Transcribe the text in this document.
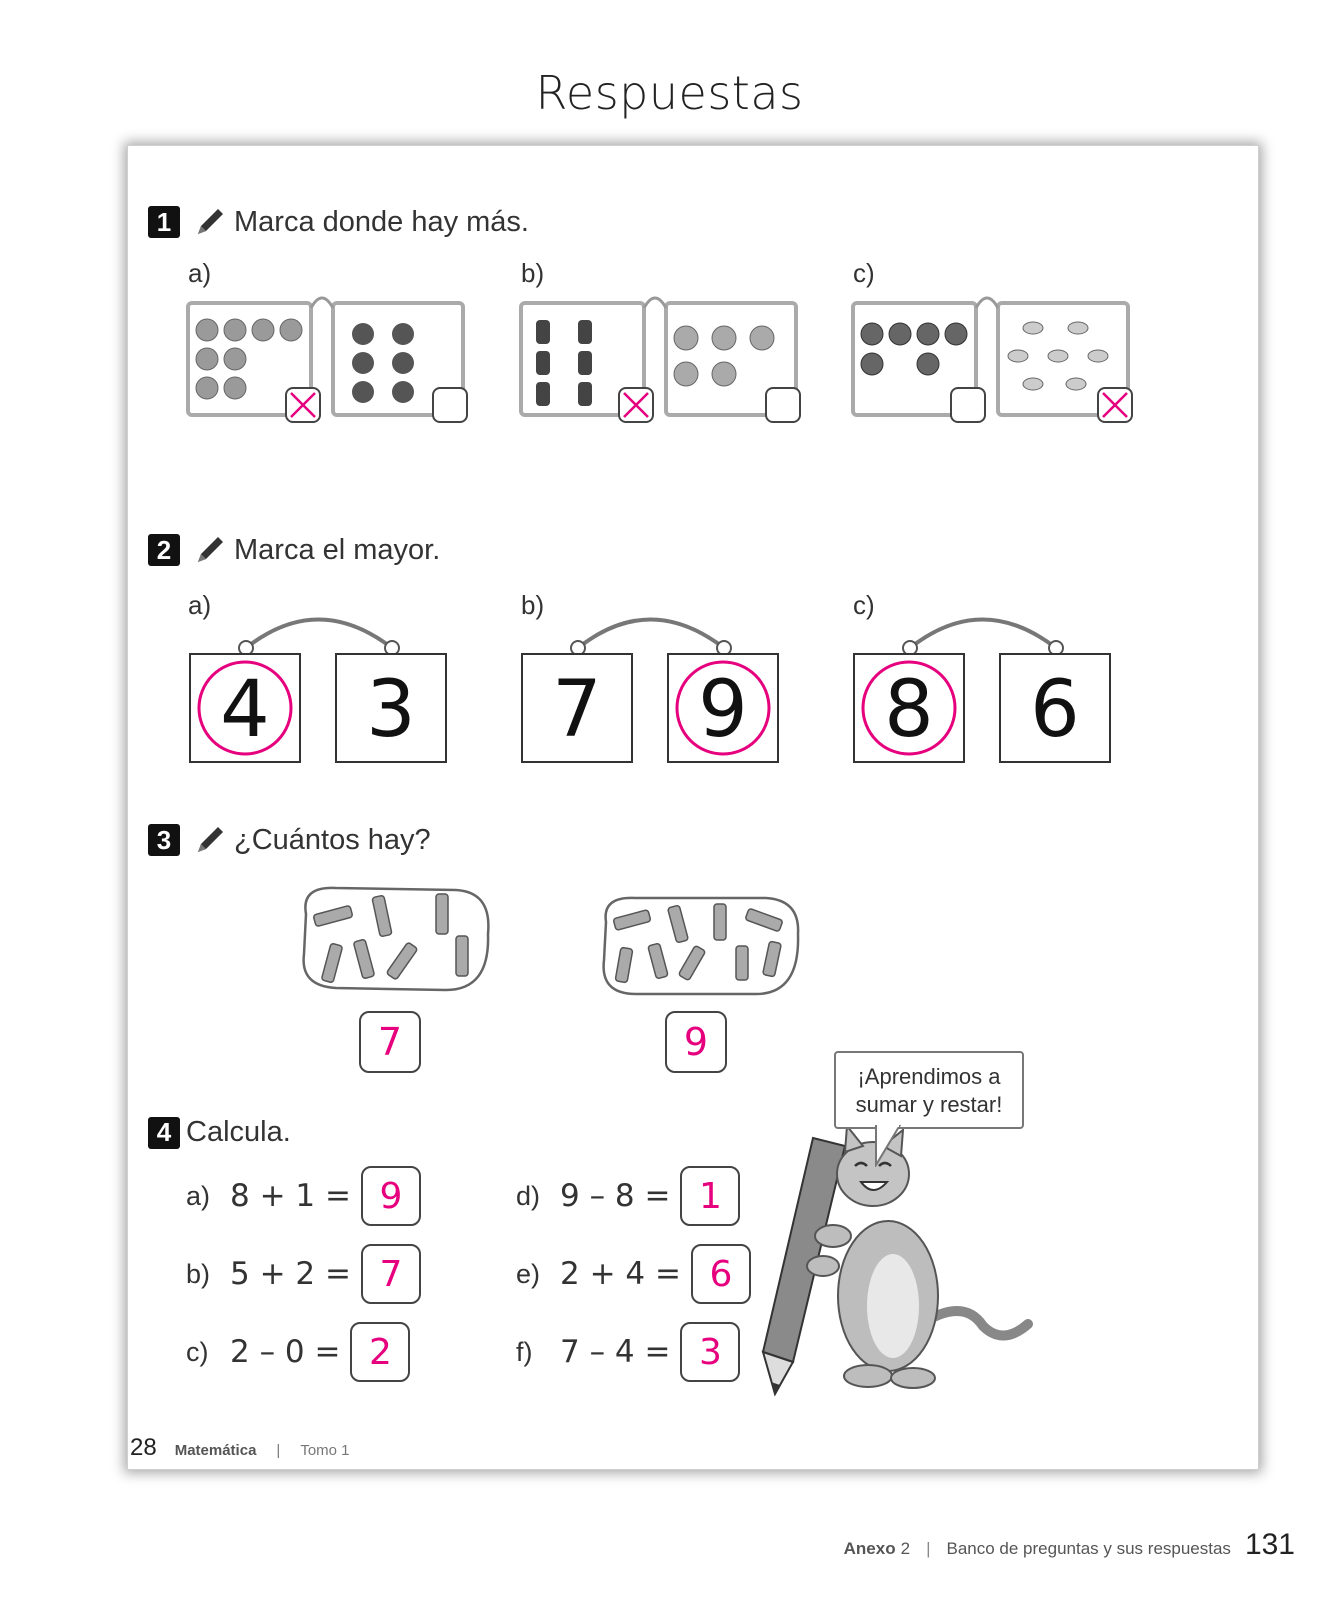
Respuestas
1	Marca donde hay más.
a)	b)	c)
2	Marca el mayor.
a)	b)	c)
4 3 7 9 8 6
3	¿Cuántos hay?
7	9
4 Calcula.
a) 8 + 1 = 9
b) 5 + 2 = 7
c) 2 – 0 = 2
d) 9 – 8 = 1
e) 2 + 4 = 6
f) 7 – 4 = 3
¡Aprendimos a sumar y restar!
28 Matemática | Tomo 1
Anexo 2 | Banco de preguntas y sus respuestas 131
